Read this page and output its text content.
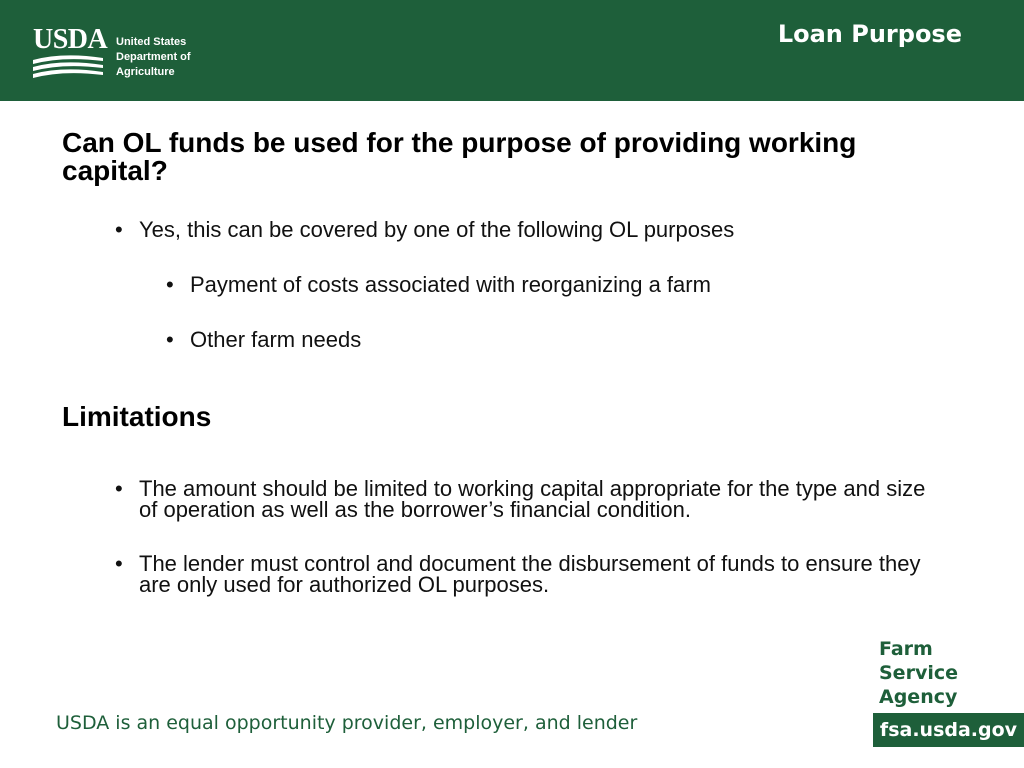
USDA United States
Department of
Agriculture
Loan Purpose
Can OL funds be used for the purpose of providing working capital?
• Yes, this can be covered by one of the following OL purposes
• Payment of costs associated with reorganizing a farm
• Other farm needs
Limitations
• The amount should be limited to working capital appropriate for the type and size of operation as well as the borrower’s financial condition.
• The lender must control and document the disbursement of funds to ensure they are only used for authorized OL purposes.
USDA is an equal opportunity provider, employer, and lender
Farm
Service
Agency
fsa.usda.gov
